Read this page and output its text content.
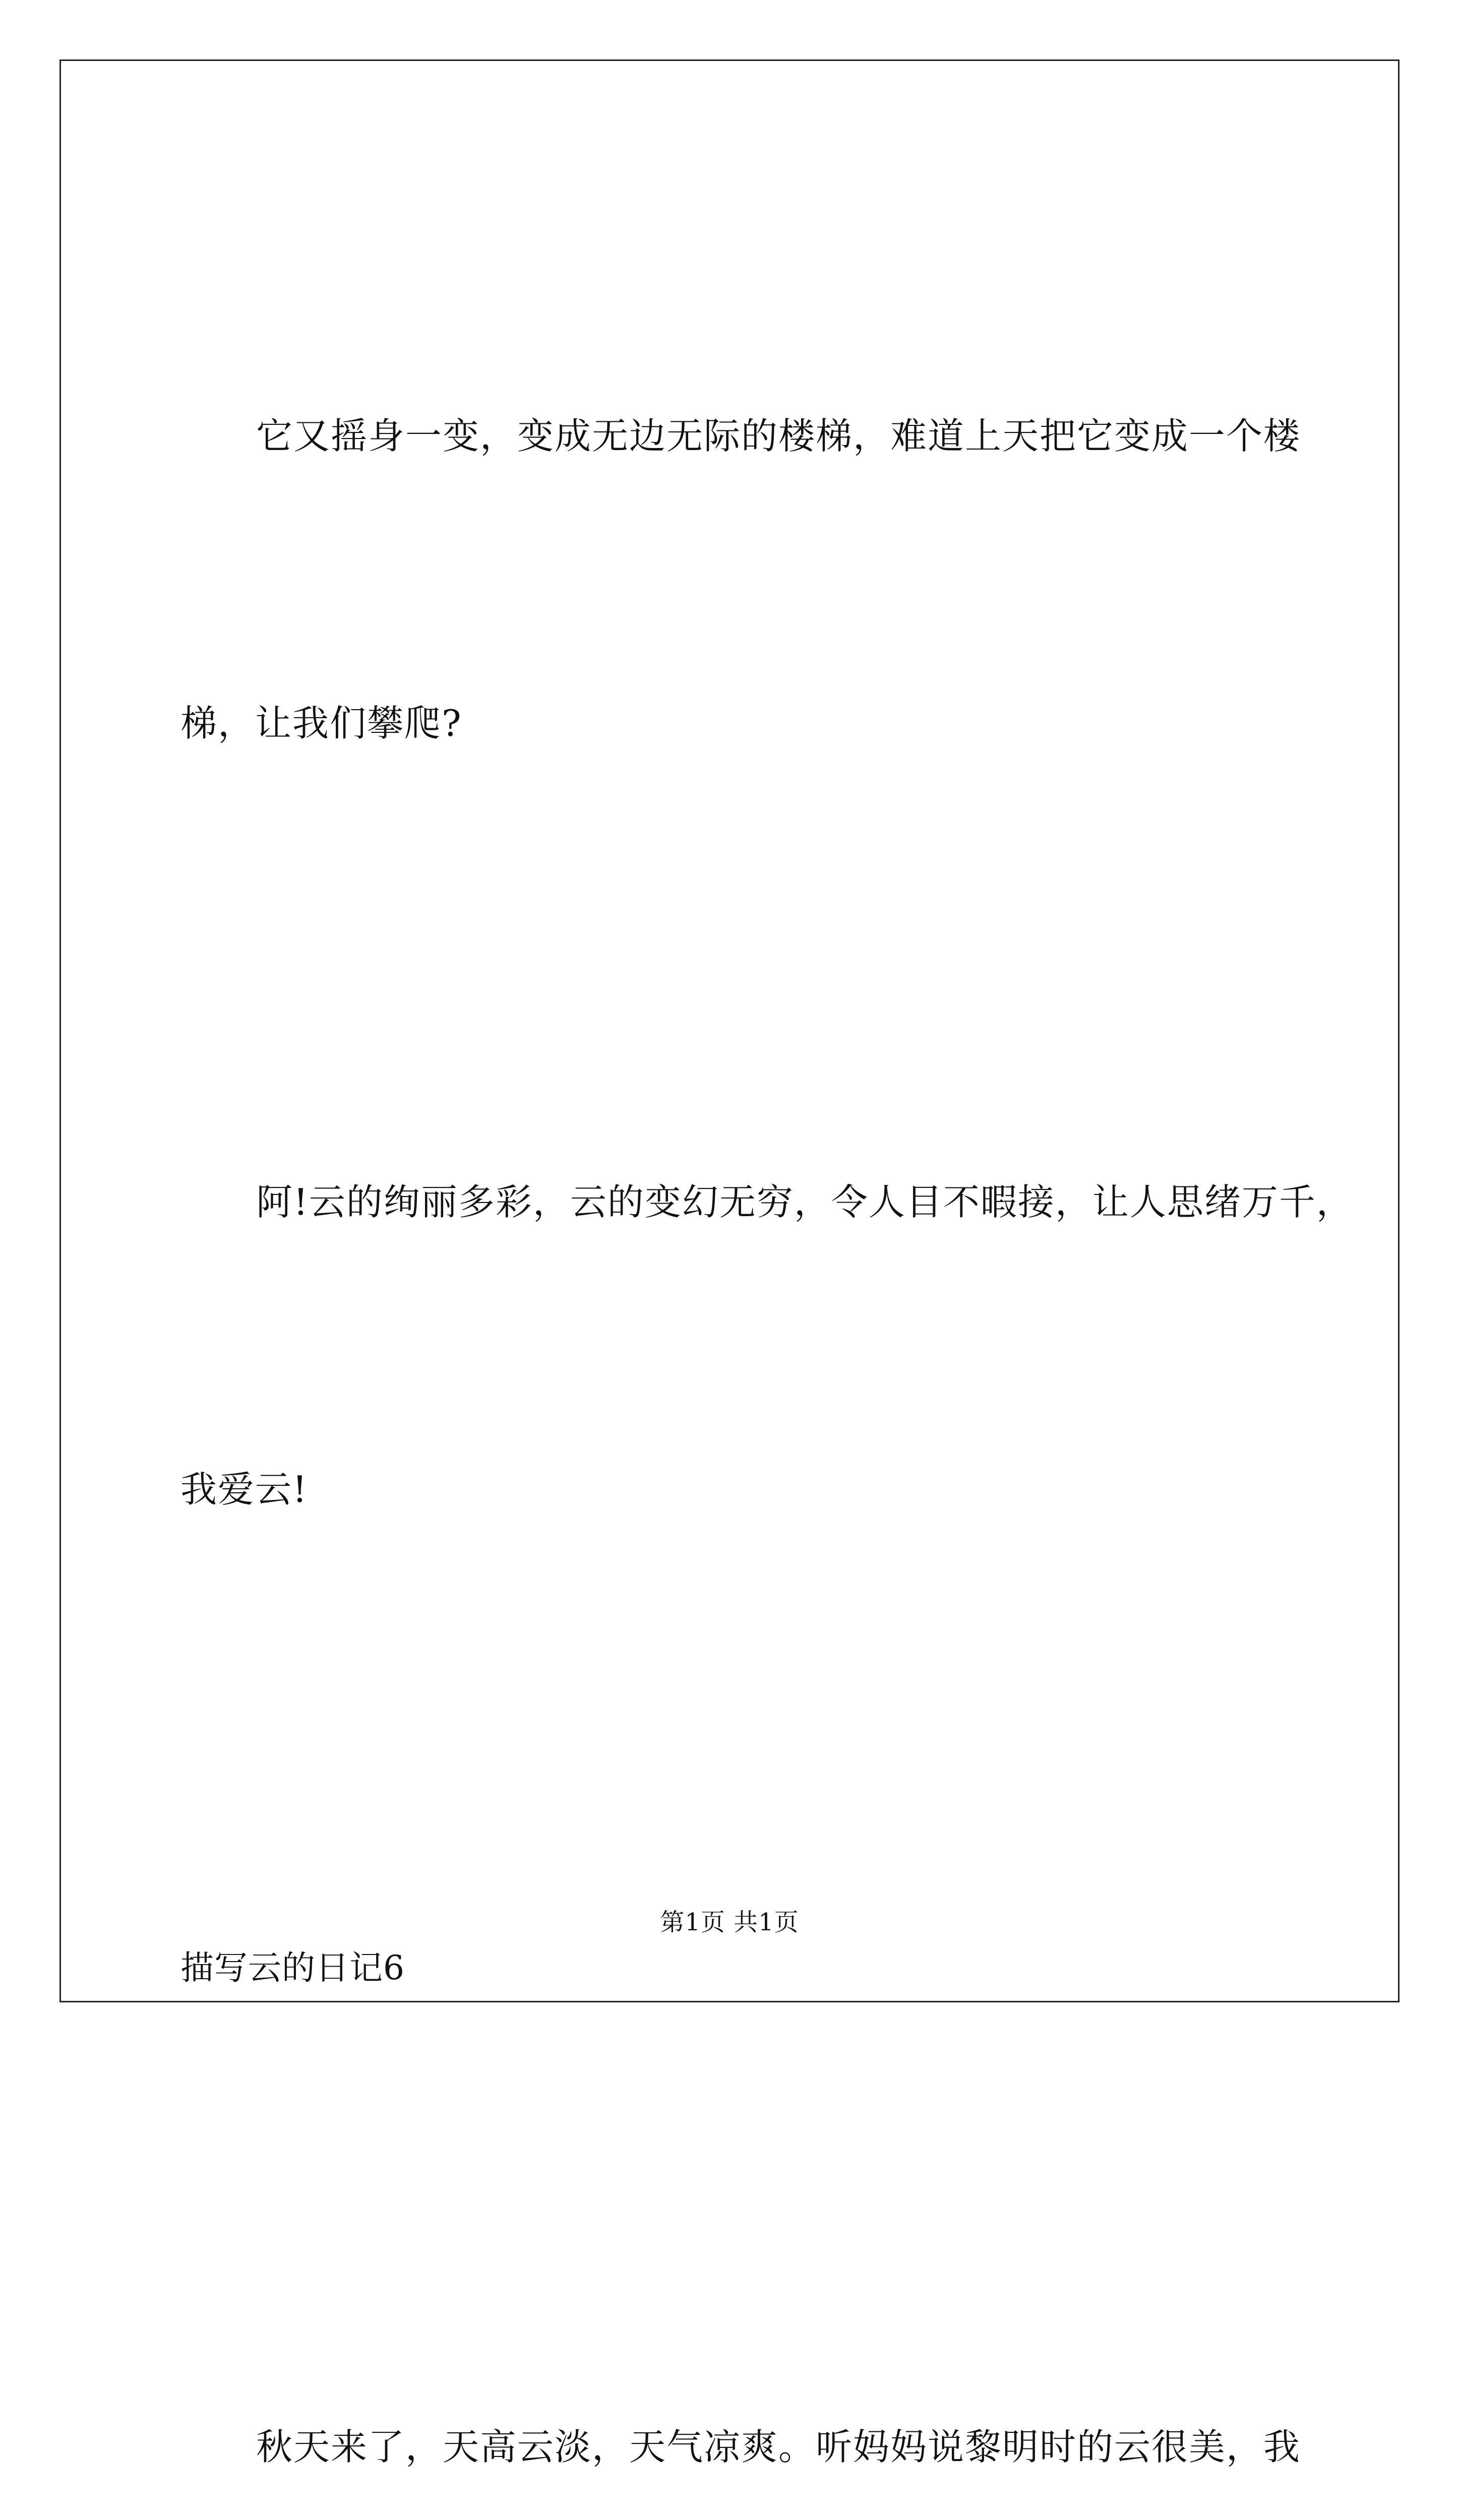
它又摇身一变，变成无边无际的楼梯，难道上天把它变成一个楼

梯，让我们攀爬?

阿!云的绚丽多彩，云的变幻无穷，令人目不暇接，让人思绪万千，

我爱云!

描写云的日记6

秋天来了，天高云淡，天气凉爽。听妈妈说黎明时的云很美，我

第1页 共1页
